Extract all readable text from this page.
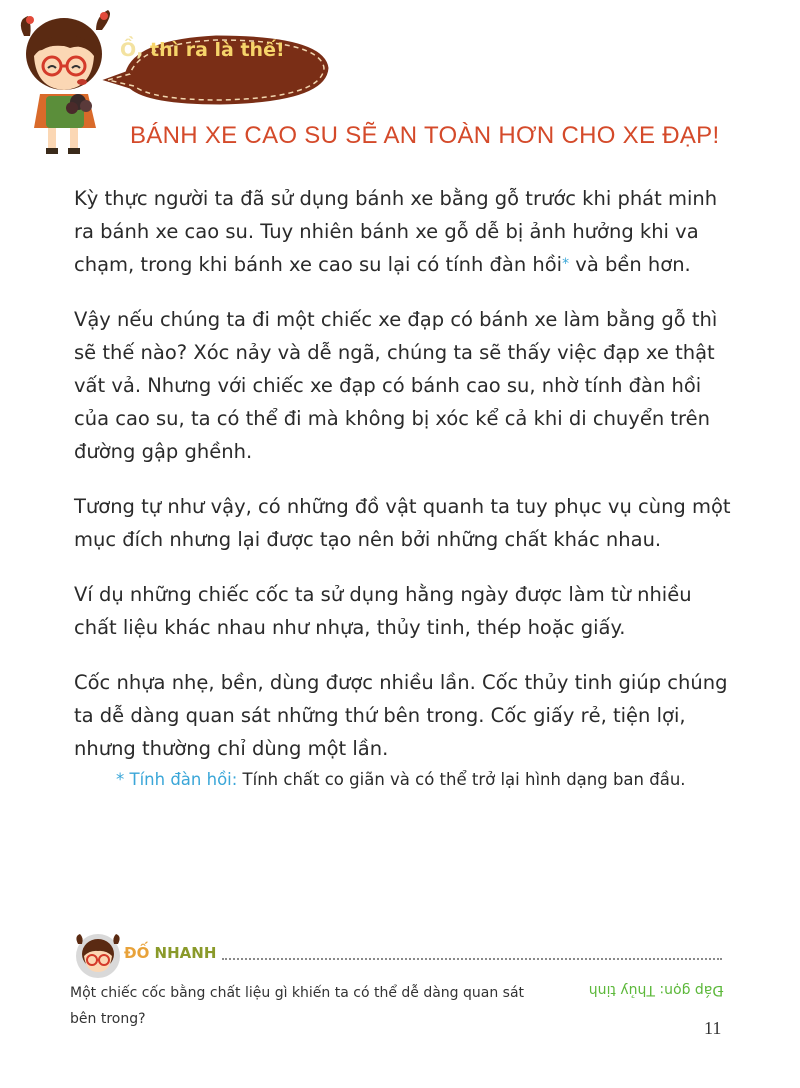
Ồ, thì ra là thế!
BÁNH XE CAO SU SẼ AN TOÀN HƠN CHO XE ĐẠP!

Kỳ thực người ta đã sử dụng bánh xe bằng gỗ trước khi phát minh ra bánh xe cao su. Tuy nhiên bánh xe gỗ dễ bị ảnh hưởng khi va chạm, trong khi bánh xe cao su lại có tính đàn hồi* và bền hơn.

Vậy nếu chúng ta đi một chiếc xe đạp có bánh xe làm bằng gỗ thì sẽ thế nào? Xóc nảy và dễ ngã, chúng ta sẽ thấy việc đạp xe thật vất vả. Nhưng với chiếc xe đạp có bánh cao su, nhờ tính đàn hồi của cao su, ta có thể đi mà không bị xóc kể cả khi di chuyển trên đường gập ghềnh.

Tương tự như vậy, có những đồ vật quanh ta tuy phục vụ cùng một mục đích nhưng lại được tạo nên bởi những chất khác nhau.

Ví dụ những chiếc cốc ta sử dụng hằng ngày được làm từ nhiều chất liệu khác nhau như nhựa, thủy tinh, thép hoặc giấy.

Cốc nhựa nhẹ, bền, dùng được nhiều lần. Cốc thủy tinh giúp chúng ta dễ dàng quan sát những thứ bên trong. Cốc giấy rẻ, tiện lợi, nhưng thường chỉ dùng một lần.

* Tính đàn hồi: Tính chất co giãn và có thể trở lại hình dạng ban đầu.
ĐỐ NHANH
Một chiếc cốc bằng chất liệu gì khiến ta có thể dễ dàng quan sát bên trong?
Đáp gọn: Thủy tinh
11
